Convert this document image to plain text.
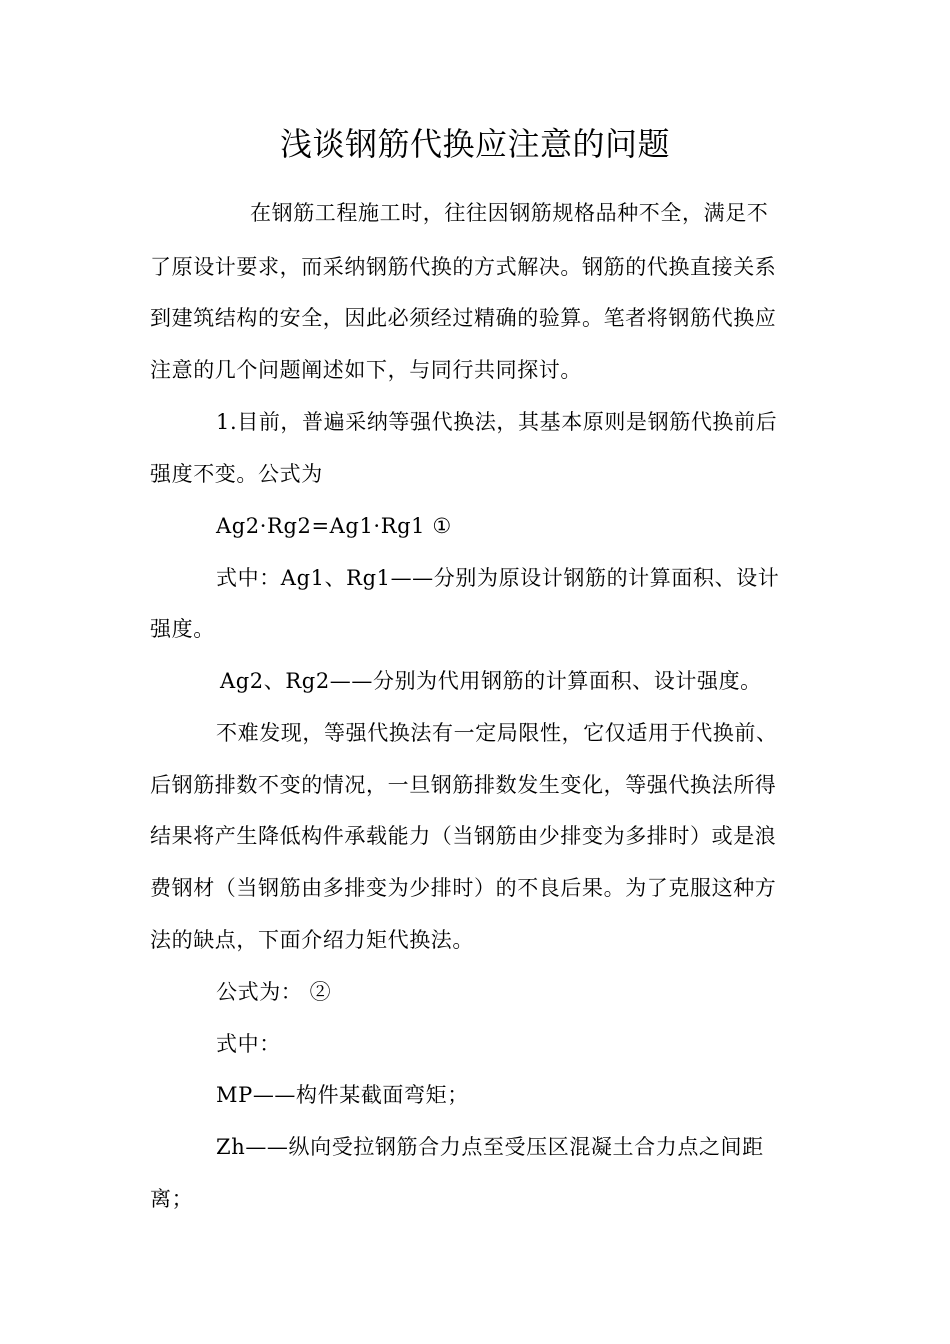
浅谈钢筋代换应注意的问题
在钢筋工程施工时，往往因钢筋规格品种不全，满足不
了原设计要求，而采纳钢筋代换的方式解决。钢筋的代换直接关系
到建筑结构的安全，因此必须经过精确的验算。笔者将钢筋代换应
注意的几个问题阐述如下，与同行共同探讨。
1.目前，普遍采纳等强代换法，其基本原则是钢筋代换前后
强度不变。公式为
Ag2·Rg2=Ag1·Rg1 ①
式中：Ag1、Rg1——分别为原设计钢筋的计算面积、设计
强度。
Ag2、Rg2——分别为代用钢筋的计算面积、设计强度。
不难发现，等强代换法有一定局限性，它仅适用于代换前、
后钢筋排数不变的情况，一旦钢筋排数发生变化，等强代换法所得
结果将产生降低构件承载能力（当钢筋由少排变为多排时）或是浪
费钢材（当钢筋由多排变为少排时）的不良后果。为了克服这种方
法的缺点，下面介绍力矩代换法。
公式为： ②
式中：
MP——构件某截面弯矩；
Zh——纵向受拉钢筋合力点至受压区混凝土合力点之间距
离；
